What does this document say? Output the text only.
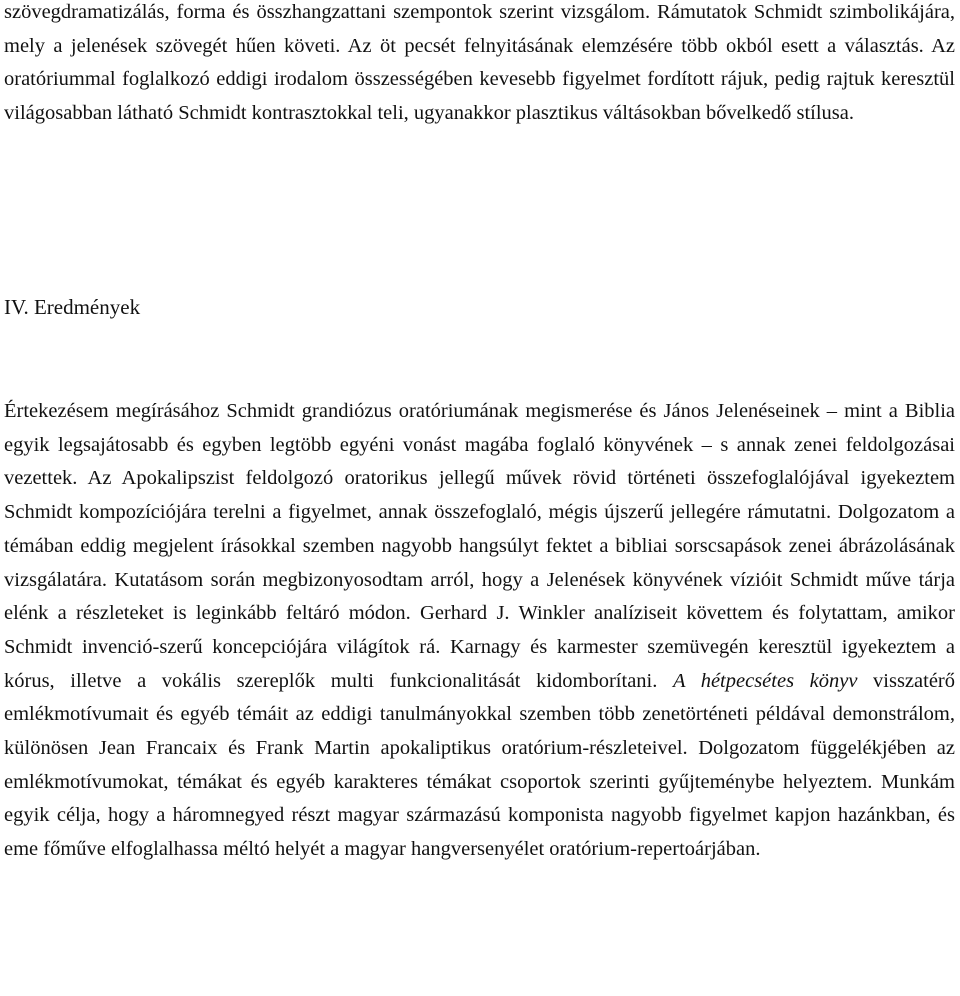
szövegdramatizálás, forma és összhangzattani szempontok szerint vizsgálom. Rámutatok Schmidt szimbolikájára, mely a jelenések szövegét hűen követi. Az öt pecsét felnyitásának elemzésére több okból esett a választás. Az oratóriummal foglalkozó eddigi irodalom összességében kevesebb figyelmet fordított rájuk, pedig rajtuk keresztül világosabban látható Schmidt kontrasztokkal teli, ugyanakkor plasztikus váltásokban bővelkedő stílusa.

IV. Eredmények

Értekezésem megírásához Schmidt grandiózus oratóriumának megismerése és János Jelenéseinek – mint a Biblia egyik legsajátosabb és egyben legtöbb egyéni vonást magába foglaló könyvének – s annak zenei feldolgozásai vezettek. Az Apokalipszist feldolgozó oratorikus jellegű művek rövid történeti összefoglalójával igyekeztem Schmidt kompozíciójára terelni a figyelmet, annak összefoglaló, mégis újszerű jellegére rámutatni. Dolgozatom a témában eddig megjelent írásokkal szemben nagyobb hangsúlyt fektet a bibliai sorscsapások zenei ábrázolásának vizsgálatára. Kutatásom során megbizonyosodtam arról, hogy a Jelenések könyvének vízióit Schmidt műve tárja elénk a részleteket is leginkább feltáró módon. Gerhard J. Winkler analíziseit követtem és folytattam, amikor Schmidt invenció-szerű koncepciójára világítok rá. Karnagy és karmester szemüvegén keresztül igyekeztem a kórus, illetve a vokális szereplők multi funkcionalitását kidomborítani. A hétpecsétes könyv visszatérő emlékmotívumait és egyéb témáit az eddigi tanulmányokkal szemben több zenetörténeti példával demonstrálom, különösen Jean Francaix és Frank Martin apokaliptikus oratórium-részleteivel. Dolgozatom függelékjében az emlékmotívumokat, témákat és egyéb karakteres témákat csoportok szerinti gyűjteménybe helyeztem. Munkám egyik célja, hogy a háromnegyed részt magyar származású komponista nagyobb figyelmet kapjon hazánkban, és eme főműve elfoglalhassa méltó helyét a magyar hangversenyélet oratórium-repertoárjában.
